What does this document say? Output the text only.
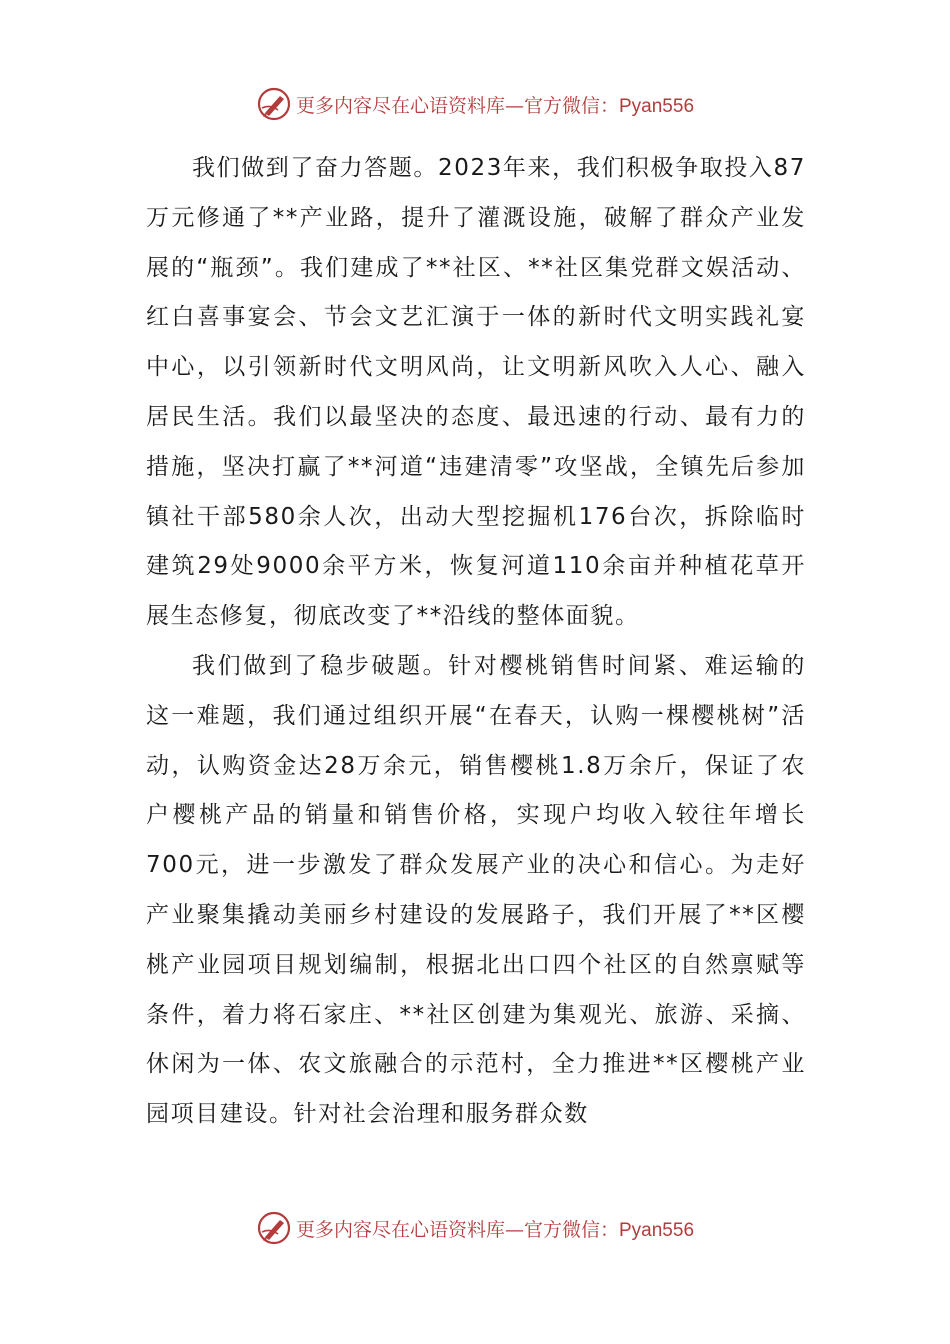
更多内容尽在心语资料库—官方微信：Pyan556

我们做到了奋力答题。2023年来，我们积极争取投入87万元修通了**产业路，提升了灌溉设施，破解了群众产业发展的“瓶颈”。我们建成了**社区、**社区集党群文娱活动、红白喜事宴会、节会文艺汇演于一体的新时代文明实践礼宴中心，以引领新时代文明风尚，让文明新风吹入人心、融入居民生活。我们以最坚决的态度、最迅速的行动、最有力的措施，坚决打赢了**河道“违建清零”攻坚战，全镇先后参加镇社干部580余人次，出动大型挖掘机176台次，拆除临时建筑29处9000余平方米，恢复河道110余亩并种植花草开展生态修复，彻底改变了**沿线的整体面貌。

我们做到了稳步破题。针对樱桃销售时间紧、难运输的这一难题，我们通过组织开展“在春天，认购一棵樱桃树”活动，认购资金达28万余元，销售樱桃1.8万余斤，保证了农户樱桃产品的销量和销售价格，实现户均收入较往年增长700元，进一步激发了群众发展产业的决心和信心。为走好产业聚集撬动美丽乡村建设的发展路子，我们开展了**区樱桃产业园项目规划编制，根据北出口四个社区的自然禀赋等条件，着力将石家庄、**社区创建为集观光、旅游、采摘、休闲为一体、农文旅融合的示范村，全力推进**区樱桃产业园项目建设。针对社会治理和服务群众数

更多内容尽在心语资料库—官方微信：Pyan556
